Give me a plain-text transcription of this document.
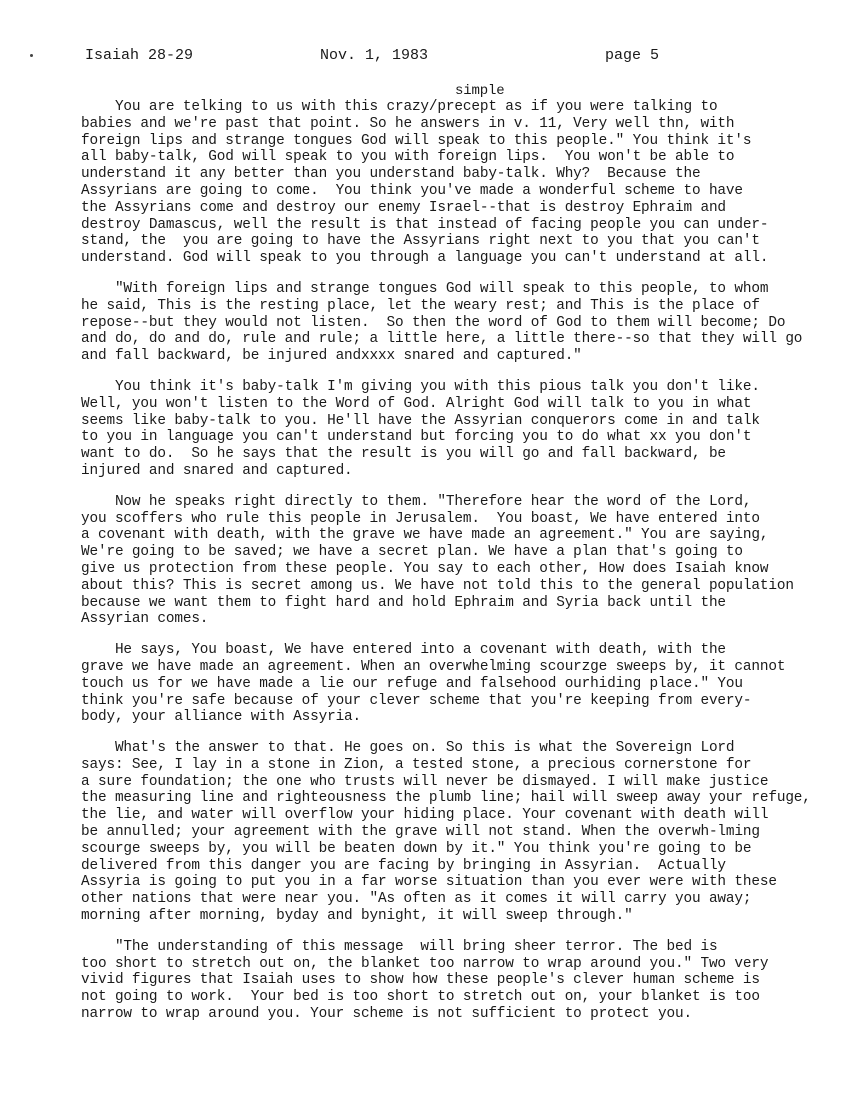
Isaiah 28-29	Nov. 1, 1983	page 5
simple
You are telking to us with this crazy/precept as if you were talking to
babies and we're past that point. So he answers in v. 11, Very well thn, with
foreign lips and strange tongues God will speak to this people." You think it's
all baby-talk, God will speak to you with foreign lips.  You won't be able to
understand it any better than you understand baby-talk. Why?  Because the
Assyrians are going to come.  You think you've made a wonderful scheme to have
the Assyrians come and destroy our enemy Israel--that is destroy Ephraim and
destroy Damascus, well the result is that instead of facing people you can under-
stand, the  you are going to have the Assyrians right next to you that you can't
understand. God will speak to you through a language you can't understand at all.
"With foreign lips and strange tongues God will speak to this people, to whom
he said, This is the resting place, let the weary rest; and This is the place of
repose--but they would not listen.  So then the word of God to them will become; Do
and do, do and do, rule and rule; a little here, a little there--so that they will go
and fall backward, be injured andxxxx snared and captured."
You think it's baby-talk I'm giving you with this pious talk you don't like.
Well, you won't listen to the Word of God. Alright God will talk to you in what
seems like baby-talk to you. He'll have the Assyrian conquerors come in and talk
to you in language you can't understand but forcing you to do what xx you don't
want to do.  So he says that the result is you will go and fall backward, be
injured and snared and captured.
Now he speaks right directly to them. "Therefore hear the word of the Lord,
you scoffers who rule this people in Jerusalem.  You boast, We have entered into
a covenant with death, with the grave we have made an agreement." You are saying,
We're going to be saved; we have a secret plan. We have a plan that's going to
give us protection from these people. You say to each other, How does Isaiah know
about this? This is secret among us. We have not told this to the general population
because we want them to fight hard and hold Ephraim and Syria back until the
Assyrian comes.
He says, You boast, We have entered into a covenant with death, with the
grave we have made an agreement. When an overwhelming scourzge sweeps by, it cannot
touch us for we have made a lie our refuge and falsehood ourhiding place." You
think you're safe because of your clever scheme that you're keeping from every-
body, your alliance with Assyria.
What's the answer to that. He goes on. So this is what the Sovereign Lord
says: See, I lay in a stone in Zion, a tested stone, a precious cornerstone for
a sure foundation; the one who trusts will never be dismayed. I will make justice
the measuring line and righteousness the plumb line; hail will sweep away your refuge,
the lie, and water will overflow your hiding place. Your covenant with death will
be annulled; your agreement with the grave will not stand. When the overwh-lming
scourge sweeps by, you will be beaten down by it." You think you're going to be
delivered from this danger you are facing by bringing in Assyrian.  Actually
Assyria is going to put you in a far worse situation than you ever were with these
other nations that were near you. "As often as it comes it will carry you away;
morning after morning, byday and bynight, it will sweep through."
"The understanding of this message  will bring sheer terror. The bed is
too short to stretch out on, the blanket too narrow to wrap around you." Two very
vivid figures that Isaiah uses to show how these people's clever human scheme is
not going to work.  Your bed is too short to stretch out on, your blanket is too
narrow to wrap around you. Your scheme is not sufficient to protect you.
